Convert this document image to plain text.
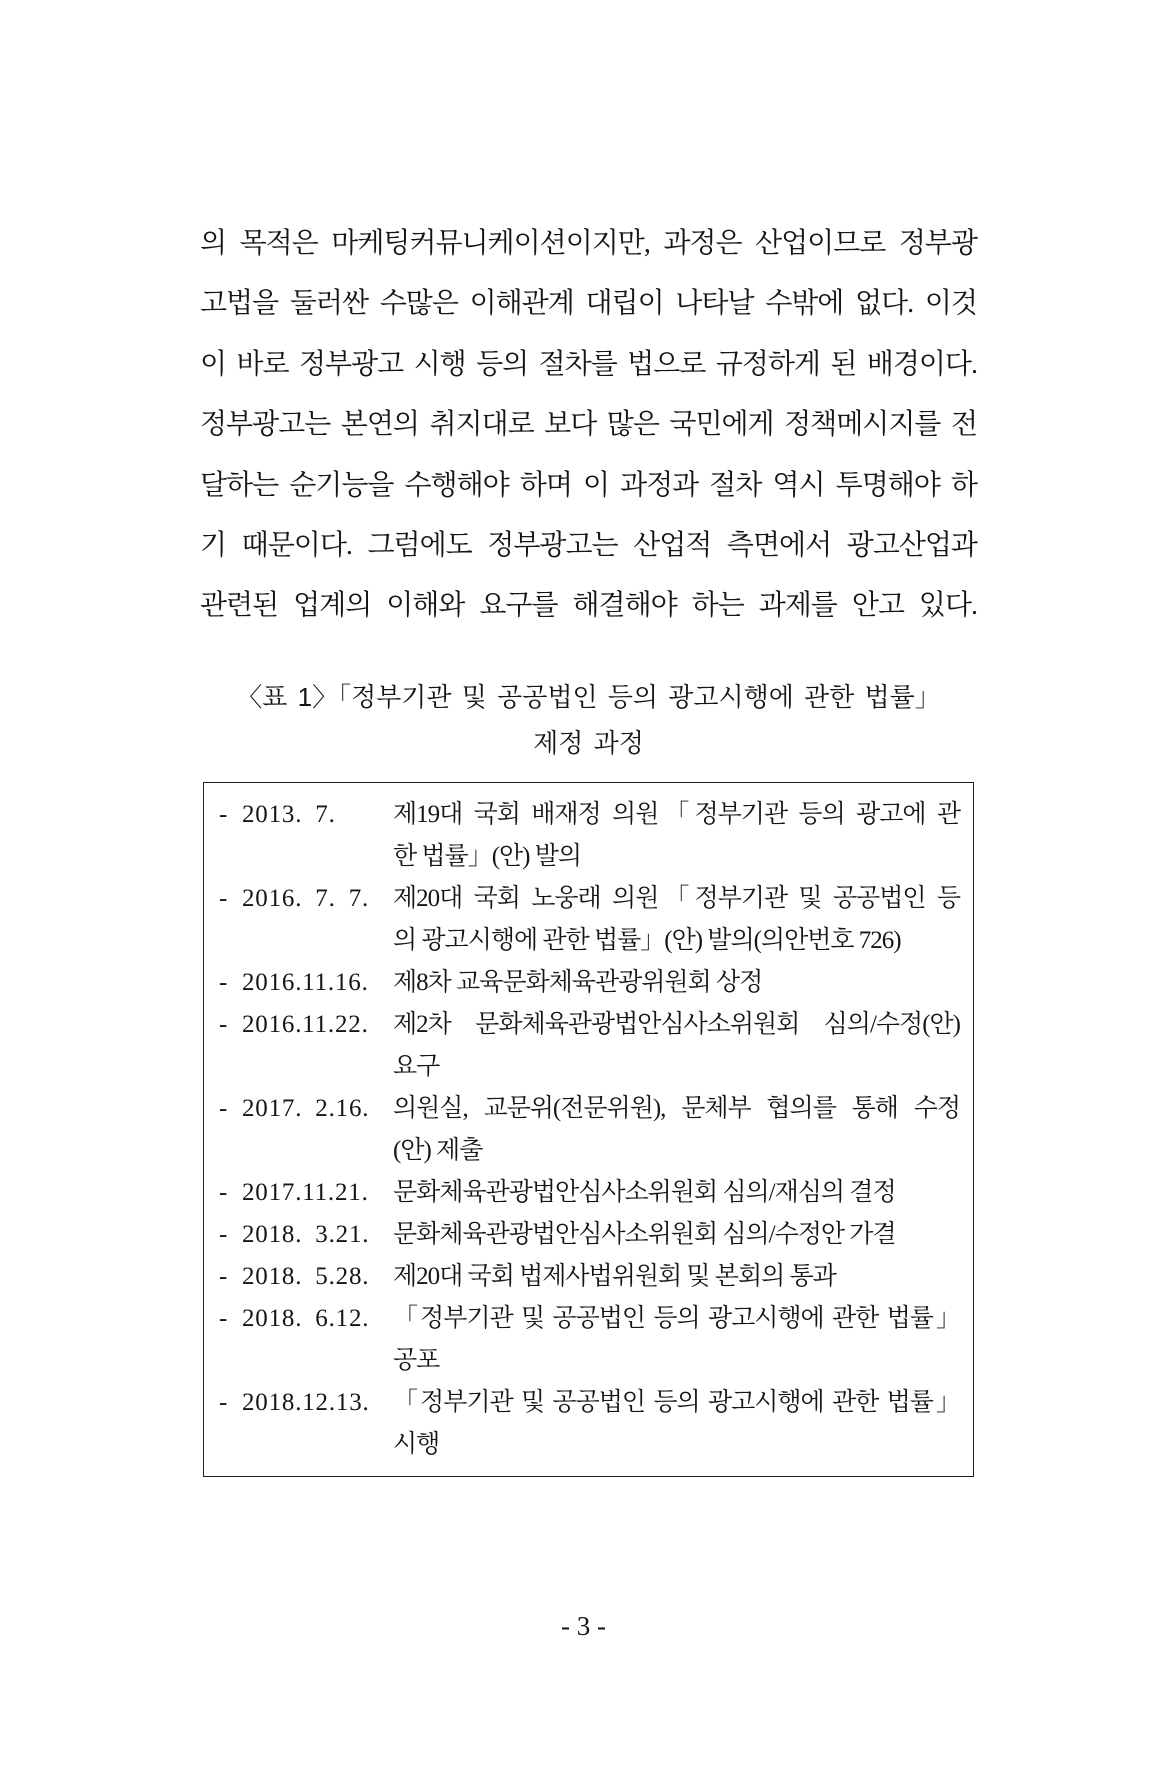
의 목적은 마케팅커뮤니케이션이지만, 과정은 산업이므로 정부광
고법을 둘러싼 수많은 이해관계 대립이 나타날 수밖에 없다. 이것
이 바로 정부광고 시행 등의 절차를 법으로 규정하게 된 배경이다.
정부광고는 본연의 취지대로 보다 많은 국민에게 정책메시지를 전
달하는 순기능을 수행해야 하며 이 과정과 절차 역시 투명해야 하
기 때문이다. 그럼에도 정부광고는 산업적 측면에서 광고산업과
관련된 업계의 이해와 요구를 해결해야 하는 과제를 안고 있다.
〈표 1〉「정부기관 및 공공법인 등의 광고시행에 관한 법률」
제정 과정
- 2013. 7.	제19대 국회 배재정 의원「정부기관 등의 광고에 관
한 법률」(안) 발의
- 2016. 7. 7. 제20대 국회 노웅래 의원「정부기관 및 공공법인 등
의 광고시행에 관한 법률」(안) 발의(의안번호 726)
- 2016.11.16. 제8차 교육문화체육관광위원회 상정
- 2016.11.22. 제2차 문화체육관광법안심사소위원회 심의/수정(안)
요구
- 2017. 2.16. 의원실, 교문위(전문위원), 문체부 협의를 통해 수정
(안) 제출
- 2017.11.21. 문화체육관광법안심사소위원회 심의/재심의 결정
- 2018. 3.21. 문화체육관광법안심사소위원회 심의/수정안 가결
- 2018. 5.28. 제20대 국회 법제사법위원회 및 본회의 통과
- 2018. 6.12. 「정부기관 및 공공법인 등의 광고시행에 관한 법률」
공포
- 2018.12.13. 「정부기관 및 공공법인 등의 광고시행에 관한 법률」
시행
- 3 -
